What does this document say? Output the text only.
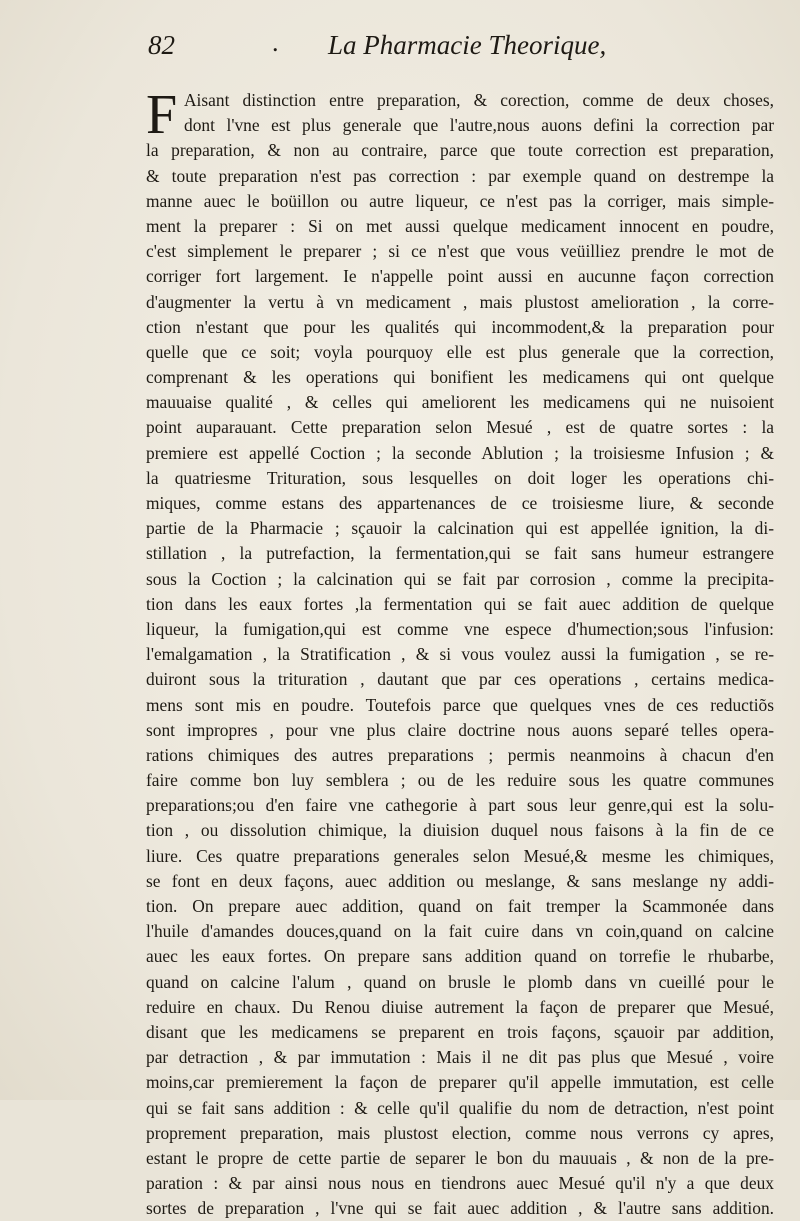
82	. La Pharmacie Theorique,
F Aisant distinction entre preparation, & corection, comme de deux choses,
dont l'vne est plus generale que l'autre,nous auons defini la correction par
la preparation, & non au contraire, parce que toute correction est preparation,
& toute preparation n'est pas correction : par exemple quand on destrempe la
manne auec le boüillon ou autre liqueur, ce n'est pas la corriger, mais simple-
ment la preparer : Si on met aussi quelque medicament innocent en poudre,
c'est simplement le preparer ; si ce n'est que vous veüilliez prendre le mot de
corriger fort largement. Ie n'appelle point aussi en aucunne façon correction
d'augmenter la vertu à vn medicament , mais plustost amelioration , la corre-
ction n'estant que pour les qualités qui incommodent,& la preparation pour
quelle que ce soit; voyla pourquoy elle est plus generale que la correction,
comprenant & les operations qui bonifient les medicamens qui ont quelque
mauuaise qualité , & celles qui ameliorent les medicamens qui ne nuisoient
point auparauant. Cette preparation selon Mesué , est de quatre sortes : la
premiere est appellé Coction ; la seconde Ablution ; la troisiesme Infusion ; &
la quatriesme Trituration, sous lesquelles on doit loger les operations chi-
miques, comme estans des appartenances de ce troisiesme liure, & seconde
partie de la Pharmacie ; sçauoir la calcination qui est appellée ignition, la di-
stillation , la putrefaction, la fermentation,qui se fait sans humeur estrangere
sous la Coction ; la calcination qui se fait par corrosion , comme la precipita-
tion dans les eaux fortes ,la fermentation qui se fait auec addition de quelque
liqueur, la fumigation,qui est comme vne espece d'humection;sous l'infusion:
l'emalgamation , la Stratification , & si vous voulez aussi la fumigation , se re-
duiront sous la trituration , dautant que par ces operations , certains medica-
mens sont mis en poudre. Toutefois parce que quelques vnes de ces reductiõs
sont impropres , pour vne plus claire doctrine nous auons separé telles opera-
rations chimiques des autres preparations ; permis neanmoins à chacun d'en
faire comme bon luy semblera ; ou de les reduire sous les quatre communes
preparations;ou d'en faire vne cathegorie à part sous leur genre,qui est la solu-
tion , ou dissolution chimique, la diuision duquel nous faisons à la fin de ce
liure. Ces quatre preparations generales selon Mesué,& mesme les chimiques,
se font en deux façons, auec addition ou meslange, & sans meslange ny addi-
tion. On prepare auec addition, quand on fait tremper la Scammonée dans
l'huile d'amandes douces,quand on la fait cuire dans vn coin,quand on calcine
auec les eaux fortes. On prepare sans addition quand on torrefie le rhubarbe,
quand on calcine l'alum , quand on brusle le plomb dans vn cueillé pour le
reduire en chaux. Du Renou diuise autrement la façon de preparer que Mesué,
disant que les medicamens se preparent en trois façons, sçauoir par addition,
par detraction , & par immutation : Mais il ne dit pas plus que Mesué , voire
moins,car premierement la façon de preparer qu'il appelle immutation, est celle
qui se fait sans addition : & celle qu'il qualifie du nom de detraction, n'est point
proprement preparation, mais plustost election, comme nous verrons cy apres,
estant le propre de cette partie de separer le bon du mauuais , & non de la pre-
paration : & par ainsi nous nous en tiendrons auec Mesué qu'il n'y a que deux
sortes de preparation , l'vne qui se fait auec addition , & l'autre sans addition.
